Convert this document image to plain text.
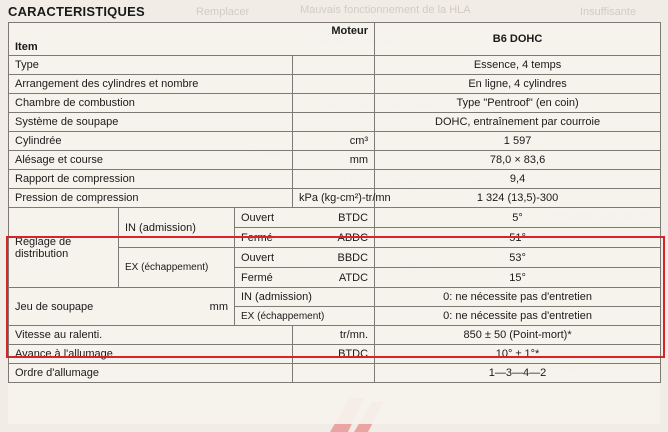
Remplacer	Mauvais fonctionnement de la HLA	Insuffisante
CARACTERISTIQUES
Moteur				B6 DOHC
Item				
Type				Essence, 4 temps
Arrangement des cylindres et nombre				En ligne, 4 cylindres
Chambre de combustion				Type "Pentroof" (en coin)
Système de soupape				DOHC, entraînement par courroie
Cylindrée			cm³	1 597
Alésage et course			mm	78,0 × 83,6
Rapport de compression				9,4
Pression de compression			kPa (kg-cm²)-tr/mn	1 324 (13,5)-300
Réglage de distribution	IN (admission)	Ouvert	BTDC	5°
		Fermé	ABDC	51°
	EX (échappement)	Ouvert	BBDC	53°
		Fermé	ATDC	15°
Jeu de soupape	mm	IN (admission)		0: ne nécessite pas d'entretien
		EX (échappement)		0: ne nécessite pas d'entretien
Vitesse au ralenti.			tr/mn.	850 ± 50 (Point-mort)*
Avance à l'allumage			BTDC	10° ± 1°*
Ordre d'allumage				1—3—4—2
